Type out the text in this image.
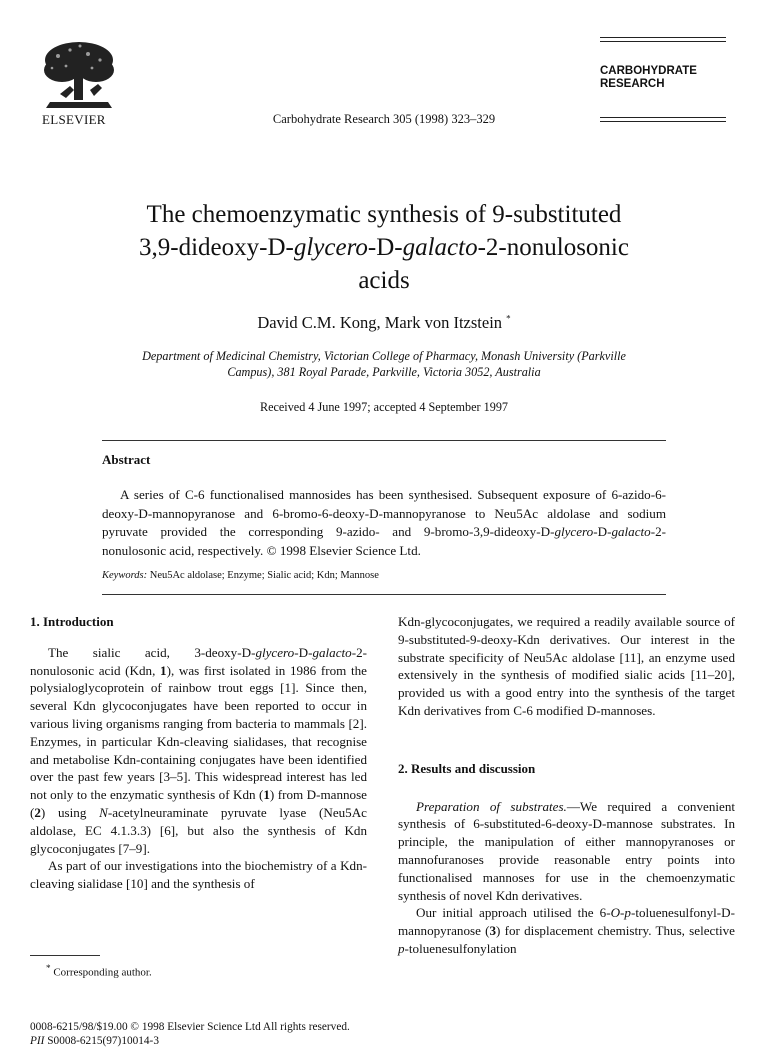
ELSEVIER	Carbohydrate Research 305 (1998) 323–329
CARBOHYDRATE
RESEARCH
The chemoenzymatic synthesis of 9-substituted
3,9-dideoxy-D-glycero-D-galacto-2-nonulosonic
acids
David C.M. Kong, Mark von Itzstein *
Department of Medicinal Chemistry, Victorian College of Pharmacy, Monash University (Parkville
Campus), 381 Royal Parade, Parkville, Victoria 3052, Australia
Received 4 June 1997; accepted 4 September 1997
Abstract
A series of C-6 functionalised mannosides has been synthesised. Subsequent exposure of 6-azido-6-deoxy-D-mannopyranose and 6-bromo-6-deoxy-D-mannopyranose to Neu5Ac aldolase and sodium pyruvate provided the corresponding 9-azido- and 9-bromo-3,9-dideoxy-D-glycero-D-galacto-2-nonulosonic acid, respectively. © 1998 Elsevier Science Ltd.
Keywords: Neu5Ac aldolase; Enzyme; Sialic acid; Kdn; Mannose
1. Introduction

The sialic acid, 3-deoxy-D-glycero-D-galacto-2-nonulosonic acid (Kdn, 1), was first isolated in 1986 from the polysialoglycoprotein of rainbow trout eggs [1]. Since then, several Kdn glycoconjugates have been reported to occur in various living organisms ranging from bacteria to mammals [2]. Enzymes, in particular Kdn-cleaving sialidases, that recognise and metabolise Kdn-containing conjugates have been identified over the past few years [3–5]. This widespread interest has led not only to the enzymatic synthesis of Kdn (1) from D-mannose (2) using N-acetylneuraminate pyruvate lyase (Neu5Ac aldolase, EC 4.1.3.3) [6], but also the synthesis of Kdn glycoconjugates [7–9].

As part of our investigations into the biochemistry of a Kdn-cleaving sialidase [10] and the synthesis of

* Corresponding author.

Kdn-glycoconjugates, we required a readily available source of 9-substituted-9-deoxy-Kdn derivatives. Our interest in the substrate specificity of Neu5Ac aldolase [11], an enzyme used extensively in the synthesis of modified sialic acids [11–20], provided us with a good entry into the synthesis of the target Kdn derivatives from C-6 modified D-mannoses.

2. Results and discussion

Preparation of substrates.—We required a convenient synthesis of 6-substituted-6-deoxy-D-mannose substrates. In principle, the manipulation of either mannopyranoses or mannofuranoses provide reasonable entry points into functionalised mannoses for use in the chemoenzymatic synthesis of novel Kdn derivatives.

Our initial approach utilised the 6-O-p-toluenesulfonyl-D-mannopyranose (3) for displacement chemistry. Thus, selective p-toluenesulfonylation

0008-6215/98/$19.00 © 1998 Elsevier Science Ltd All rights reserved.
PII S0008-6215(97)10014-3
